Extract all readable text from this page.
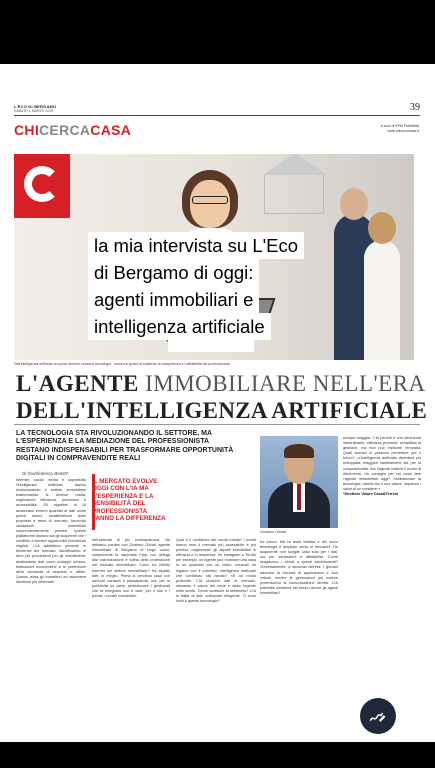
L'ECO DI BERGAMO
SABATO 1 MARZO 2025	39
CHICERCACASA	A cura di SPM Pubblicità
www.chicercacasa.it
Dall'intelligenza artificiale ai social network nessuna tecnologia ancora in grado di sostituire la competenza e l'affidabilità del professionista
la mia intervista su L'Eco
di Bergamo di oggi:
agenti immobiliari e
intelligenza artificiale
L'AGENTE IMMOBILIARE NELL'ERA
DELL'INTELLIGENZA ARTIFICIALE
LA TECNOLOGIA STA RIVOLUZIONANDO IL SETTORE, MA L'ESPERIENZA E LA MEDIAZIONE DEL PROFESSIONISTA RESTANO INDISPENSABILI PER TRASFORMARE OPPORTUNITÀ DIGITALI IN COMPRAVENDITE REALI
Di Gianfederico Belotti*
Internet, social media e soprattutto l'intelligenza artificiale stanno rivoluzionando il settore immobiliare trasformando le diverse realtà, migliorando efficienza, precisione e accessibilità. Gli algoritmi di IA analizzano enormi quantità di dati come prezzi storici, caratteristiche delle proprietà e trend di mercato, fornendo valutazioni immobiliari sorprendentemente precise. Queste piattaforme aiutano sia gli acquirenti che i venditori a trovare opportunità immobiliari migliori. L'IA addirittura prevede le tendenze del mercato, identificando le aree più promettenti per gli investimenti, analizzando dati come sviluppo urbano, fluttuazioni economiche e le preferenze della domanda di acquisto e affitto. Questo aiuta gli investitori ad assumere decisioni più informate.
IL MERCATO EVOLVE OGGI CON L'IA MA L'ESPERIENZA E LA SENSIBILITÀ DEL PROFESSIONISTA FANNO LA DIFFERENZA
dell'azienda di più centoqualcosa. Ne abbiamo parlato con Gustavo Olivati, agente immobiliare di Bergamo di lungo corso, componente la nazionale Fiaip con delega alla valorizzazione e tutela della professione nel mercato immobiliare. Come ha influito Internet nel settore immobiliare? Ha aiutato tutti, in meglio. Prima si vendeva casa con annunci cartacei e passaparola; ora, per la pubblicità su carta, perfezionare i gestionali che la integrano con il web, per il sito e i portali, i portali immobiliari.
Qual è il contributo dei social media? I social hanno reso il mercato più accessibile e più preciso, migliorando gli aspetti immobiliari in efficacia e in ampiezza. Su Instagram o TikTok per esempio, un agente può mostrare una casa in un qualsiasi con un video, creando un legame con il pubblico. Intelligenza artificiale che contributo sta dando? «È un modo profondo. L'IA produce dati di mercato, stimando il valore del bene e aiuta l'agente nelle scelte. Come sostituire la sentinella? L'IA si tratta di dati, sottoposti all'agente. Ti sono limiti a queste tecnologie?
Gustavo Olivati
tra prezzi. Ma IA resta limitata e dei nuovi tecnologia è ampliato verso le emozioni. Un acquirente non sceglie casa solo per i dati, ma per sensazioni e affidabilità. Come reagiscono i clienti a questi cambiamenti? «Diversamente, a seconda dell'età. I giovani adorano la velocità di applicazioni e tour virtuali, mentre le generazioni più mature preferiscono la comunicazione diretta. L'IA potrebbe sostituire nel tempo anche gli agenti immobiliari?
sempre maggior. L'IA perché è uno strumento straordinario: ottimizza processi, semplifica la gestione, ma non può replicare l'empatia. Quali scenari si possono prevedere per il futuro? «L'intelligenza artificiale diventerà più sviluppata, maggiori cambiamenti sia per la compravendita, ma l'agente resterà il punto di riferimento. Un consiglio per chi vuole fare l'agente immobiliare oggi? «Abbracciare la tecnologia, usarla con il suo valore, imparare i valori di un mestiere.»
*Direttore Valore Casa&Terreni
